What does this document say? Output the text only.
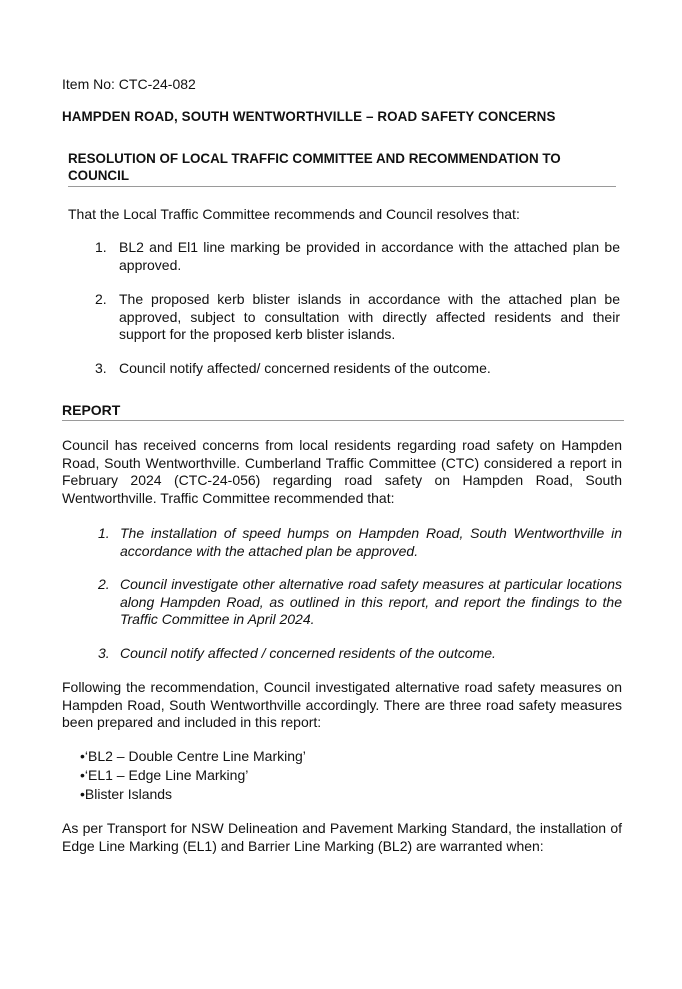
Item No: CTC-24-082
HAMPDEN ROAD, SOUTH WENTWORTHVILLE – ROAD SAFETY CONCERNS
RESOLUTION OF LOCAL TRAFFIC COMMITTEE AND RECOMMENDATION TO COUNCIL
That the Local Traffic Committee recommends and Council resolves that:
1. BL2 and El1 line marking be provided in accordance with the attached plan be approved.
2. The proposed kerb blister islands in accordance with the attached plan be approved, subject to consultation with directly affected residents and their support for the proposed kerb blister islands.
3. Council notify affected/ concerned residents of the outcome.
REPORT
Council has received concerns from local residents regarding road safety on Hampden Road, South Wentworthville. Cumberland Traffic Committee (CTC) considered a report in February 2024 (CTC-24-056) regarding road safety on Hampden Road, South Wentworthville. Traffic Committee recommended that:
1. The installation of speed humps on Hampden Road, South Wentworthville in accordance with the attached plan be approved.
2. Council investigate other alternative road safety measures at particular locations along Hampden Road, as outlined in this report, and report the findings to the Traffic Committee in April 2024.
3. Council notify affected / concerned residents of the outcome.
Following the recommendation, Council investigated alternative road safety measures on Hampden Road, South Wentworthville accordingly. There are three road safety measures been prepared and included in this report:
•‘BL2 – Double Centre Line Marking’
•‘EL1 – Edge Line Marking’
•Blister Islands
As per Transport for NSW Delineation and Pavement Marking Standard, the installation of Edge Line Marking (EL1) and Barrier Line Marking (BL2) are warranted when:
